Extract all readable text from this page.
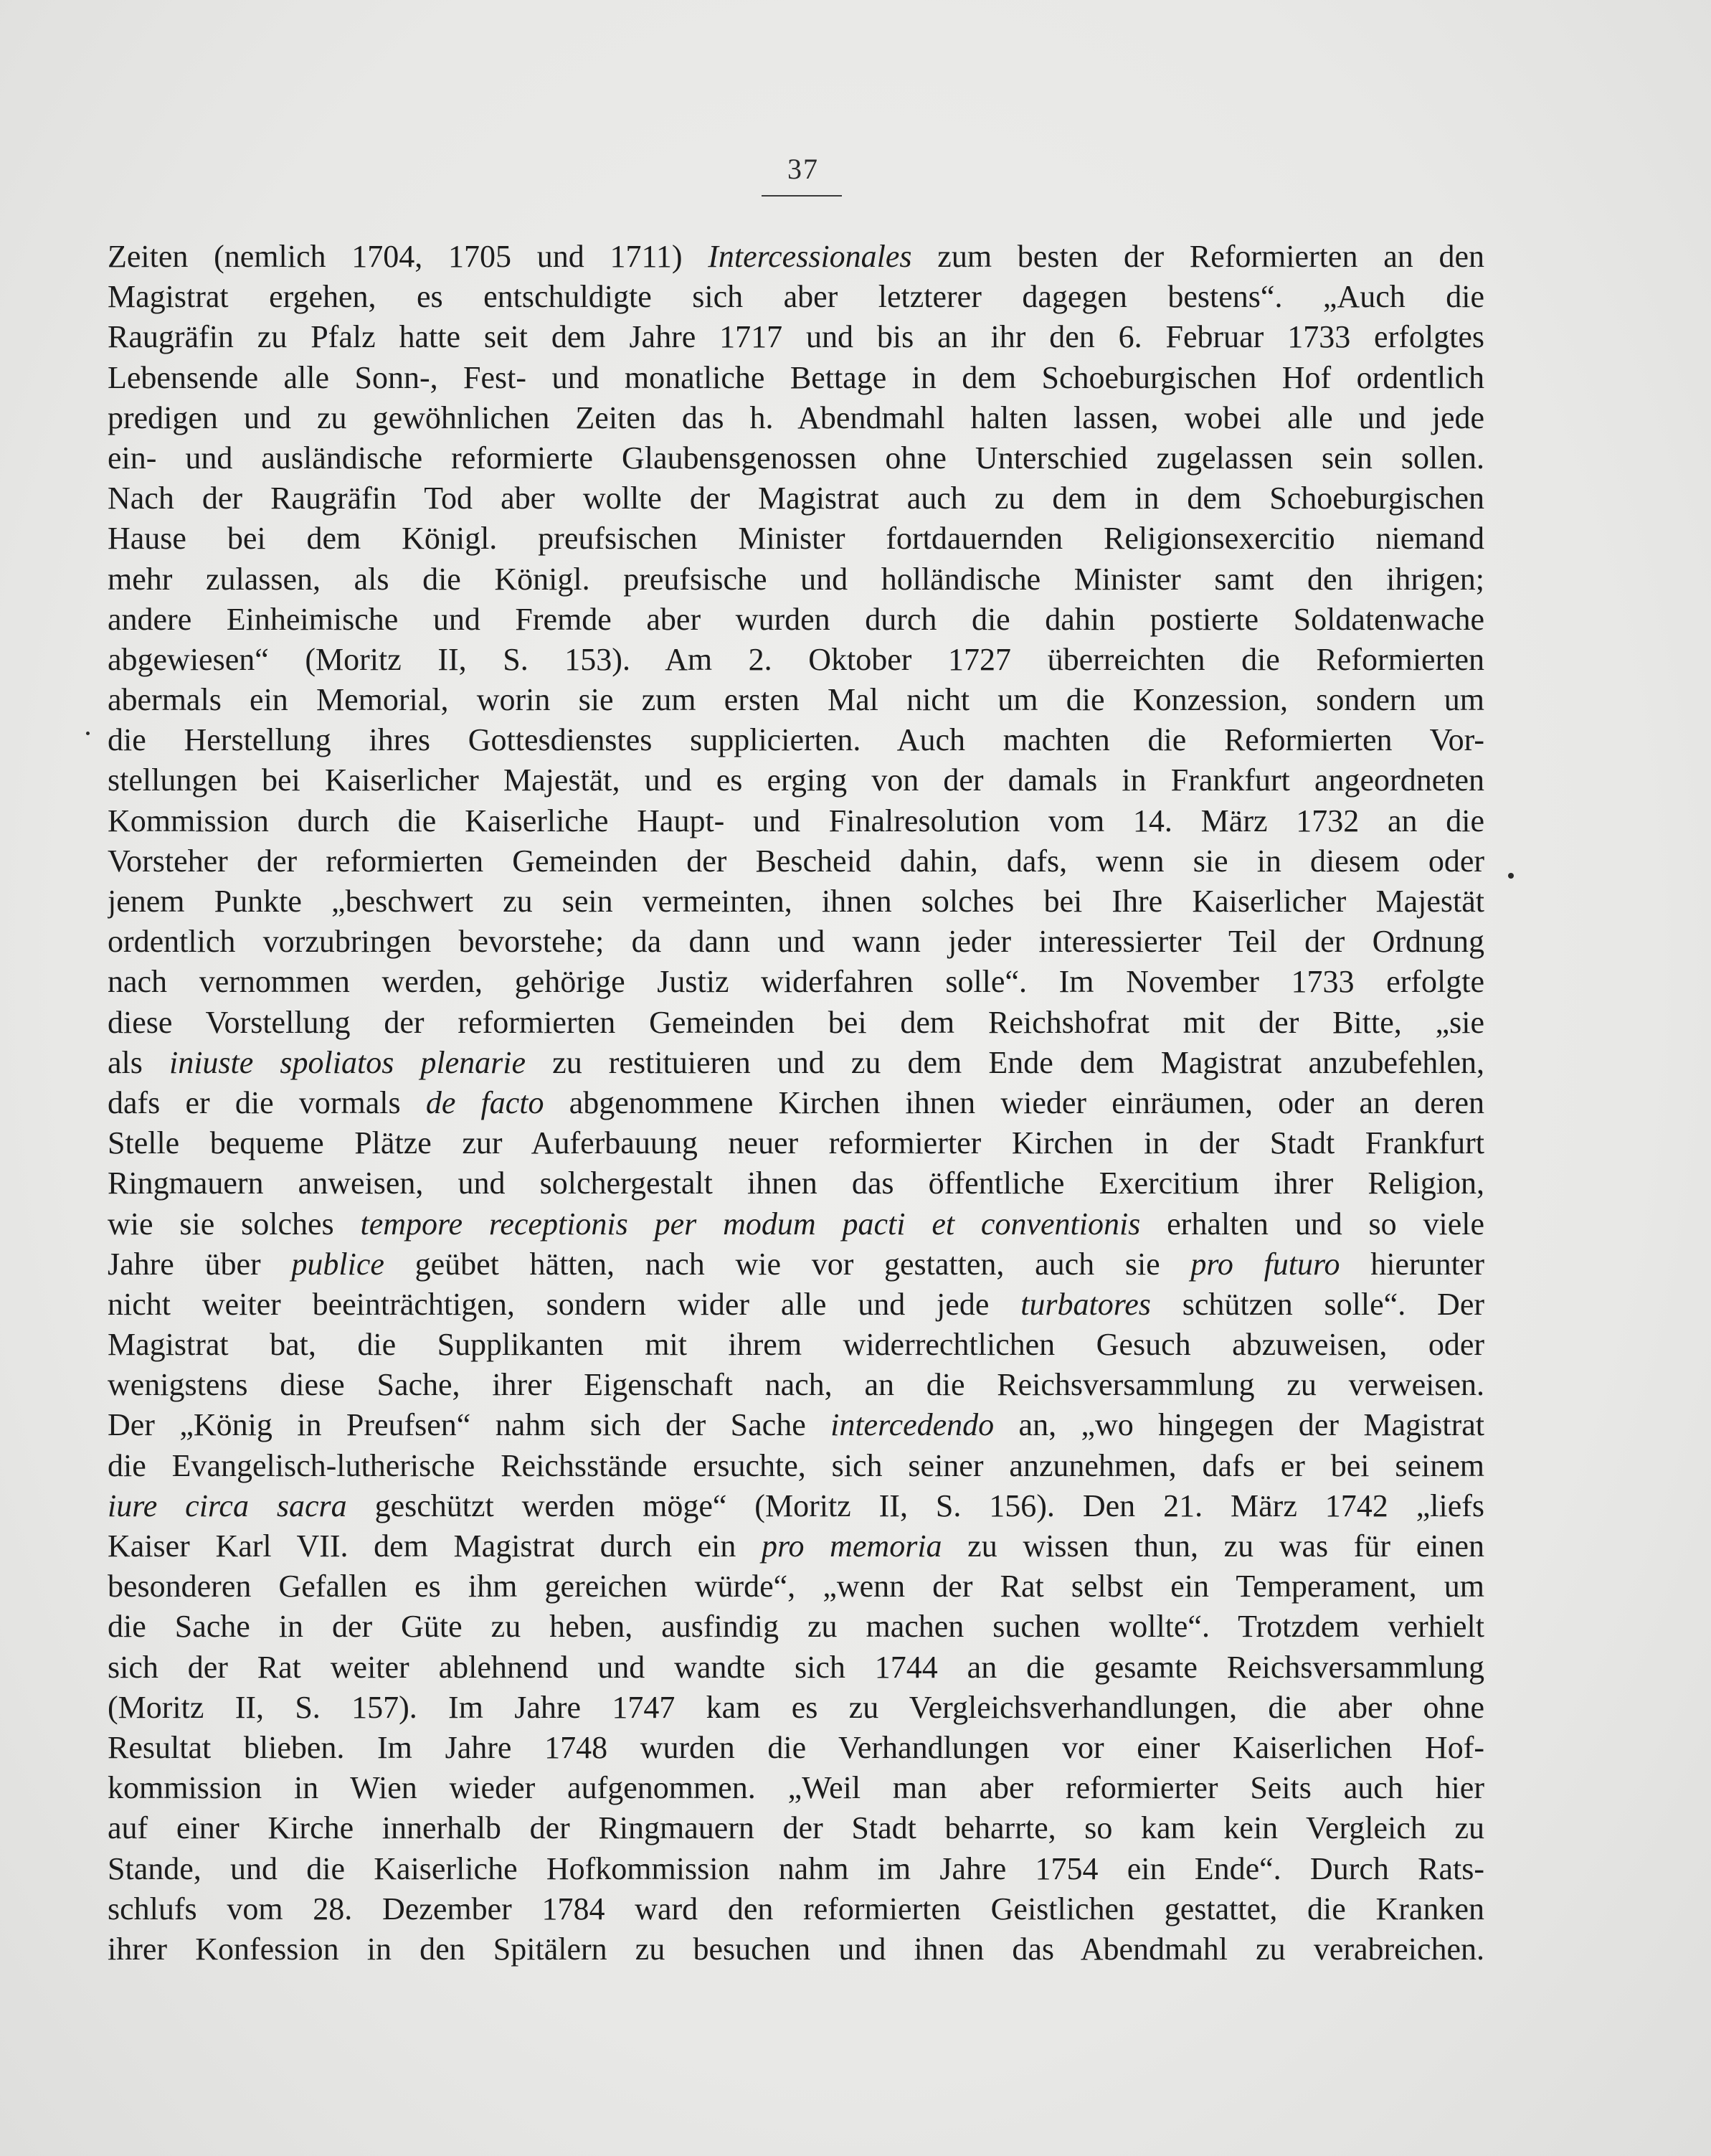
37
Zeiten (nemlich 1704, 1705 und 1711) Intercessionales zum besten der Reformierten an den
Magistrat ergehen, es entschuldigte sich aber letzterer dagegen bestens“. „Auch die
Raugräfin zu Pfalz hatte seit dem Jahre 1717 und bis an ihr den 6. Februar 1733 erfolgtes
Lebensende alle Sonn-, Fest- und monatliche Bettage in dem Schoeburgischen Hof ordentlich
predigen und zu gewöhnlichen Zeiten das h. Abendmahl halten lassen, wobei alle und jede
ein- und ausländische reformierte Glaubensgenossen ohne Unterschied zugelassen sein sollen.
Nach der Raugräfin Tod aber wollte der Magistrat auch zu dem in dem Schoeburgischen
Hause bei dem Königl. preufsischen Minister fortdauernden Religionsexercitio niemand
mehr zulassen, als die Königl. preufsische und holländische Minister samt den ihrigen;
andere Einheimische und Fremde aber wurden durch die dahin postierte Soldatenwache
abgewiesen“ (Moritz II, S. 153). Am 2. Oktober 1727 überreichten die Reformierten
abermals ein Memorial, worin sie zum ersten Mal nicht um die Konzession, sondern um
die Herstellung ihres Gottesdienstes supplicierten. Auch machten die Reformierten Vor-
stellungen bei Kaiserlicher Majestät, und es erging von der damals in Frankfurt angeordneten
Kommission durch die Kaiserliche Haupt- und Finalresolution vom 14. März 1732 an die
Vorsteher der reformierten Gemeinden der Bescheid dahin, dafs, wenn sie in diesem oder
jenem Punkte „beschwert zu sein vermeinten, ihnen solches bei Ihre Kaiserlicher Majestät
ordentlich vorzubringen bevorstehe; da dann und wann jeder interessierter Teil der Ordnung
nach vernommen werden, gehörige Justiz widerfahren solle“. Im November 1733 erfolgte
diese Vorstellung der reformierten Gemeinden bei dem Reichshofrat mit der Bitte, „sie
als iniuste spoliatos plenarie zu restituieren und zu dem Ende dem Magistrat anzubefehlen,
dafs er die vormals de facto abgenommene Kirchen ihnen wieder einräumen, oder an deren
Stelle bequeme Plätze zur Auferbauung neuer reformierter Kirchen in der Stadt Frankfurt
Ringmauern anweisen, und solchergestalt ihnen das öffentliche Exercitium ihrer Religion,
wie sie solches tempore receptionis per modum pacti et conventionis erhalten und so viele
Jahre über publice geübet hätten, nach wie vor gestatten, auch sie pro futuro hierunter
nicht weiter beeinträchtigen, sondern wider alle und jede turbatores schützen solle“. Der
Magistrat bat, die Supplikanten mit ihrem widerrechtlichen Gesuch abzuweisen, oder
wenigstens diese Sache, ihrer Eigenschaft nach, an die Reichsversammlung zu verweisen.
Der „König in Preufsen“ nahm sich der Sache intercedendo an, „wo hingegen der Magistrat
die Evangelisch-lutherische Reichsstände ersuchte, sich seiner anzunehmen, dafs er bei seinem
iure circa sacra geschützt werden möge“ (Moritz II, S. 156). Den 21. März 1742 „liefs
Kaiser Karl VII. dem Magistrat durch ein pro memoria zu wissen thun, zu was für einen
besonderen Gefallen es ihm gereichen würde“, „wenn der Rat selbst ein Temperament, um
die Sache in der Güte zu heben, ausfindig zu machen suchen wollte“. Trotzdem verhielt
sich der Rat weiter ablehnend und wandte sich 1744 an die gesamte Reichsversammlung
(Moritz II, S. 157). Im Jahre 1747 kam es zu Vergleichsverhandlungen, die aber ohne
Resultat blieben. Im Jahre 1748 wurden die Verhandlungen vor einer Kaiserlichen Hof-
kommission in Wien wieder aufgenommen. „Weil man aber reformierter Seits auch hier
auf einer Kirche innerhalb der Ringmauern der Stadt beharrte, so kam kein Vergleich zu
Stande, und die Kaiserliche Hofkommission nahm im Jahre 1754 ein Ende“. Durch Rats-
schlufs vom 28. Dezember 1784 ward den reformierten Geistlichen gestattet, die Kranken
ihrer Konfession in den Spitälern zu besuchen und ihnen das Abendmahl zu verabreichen.
